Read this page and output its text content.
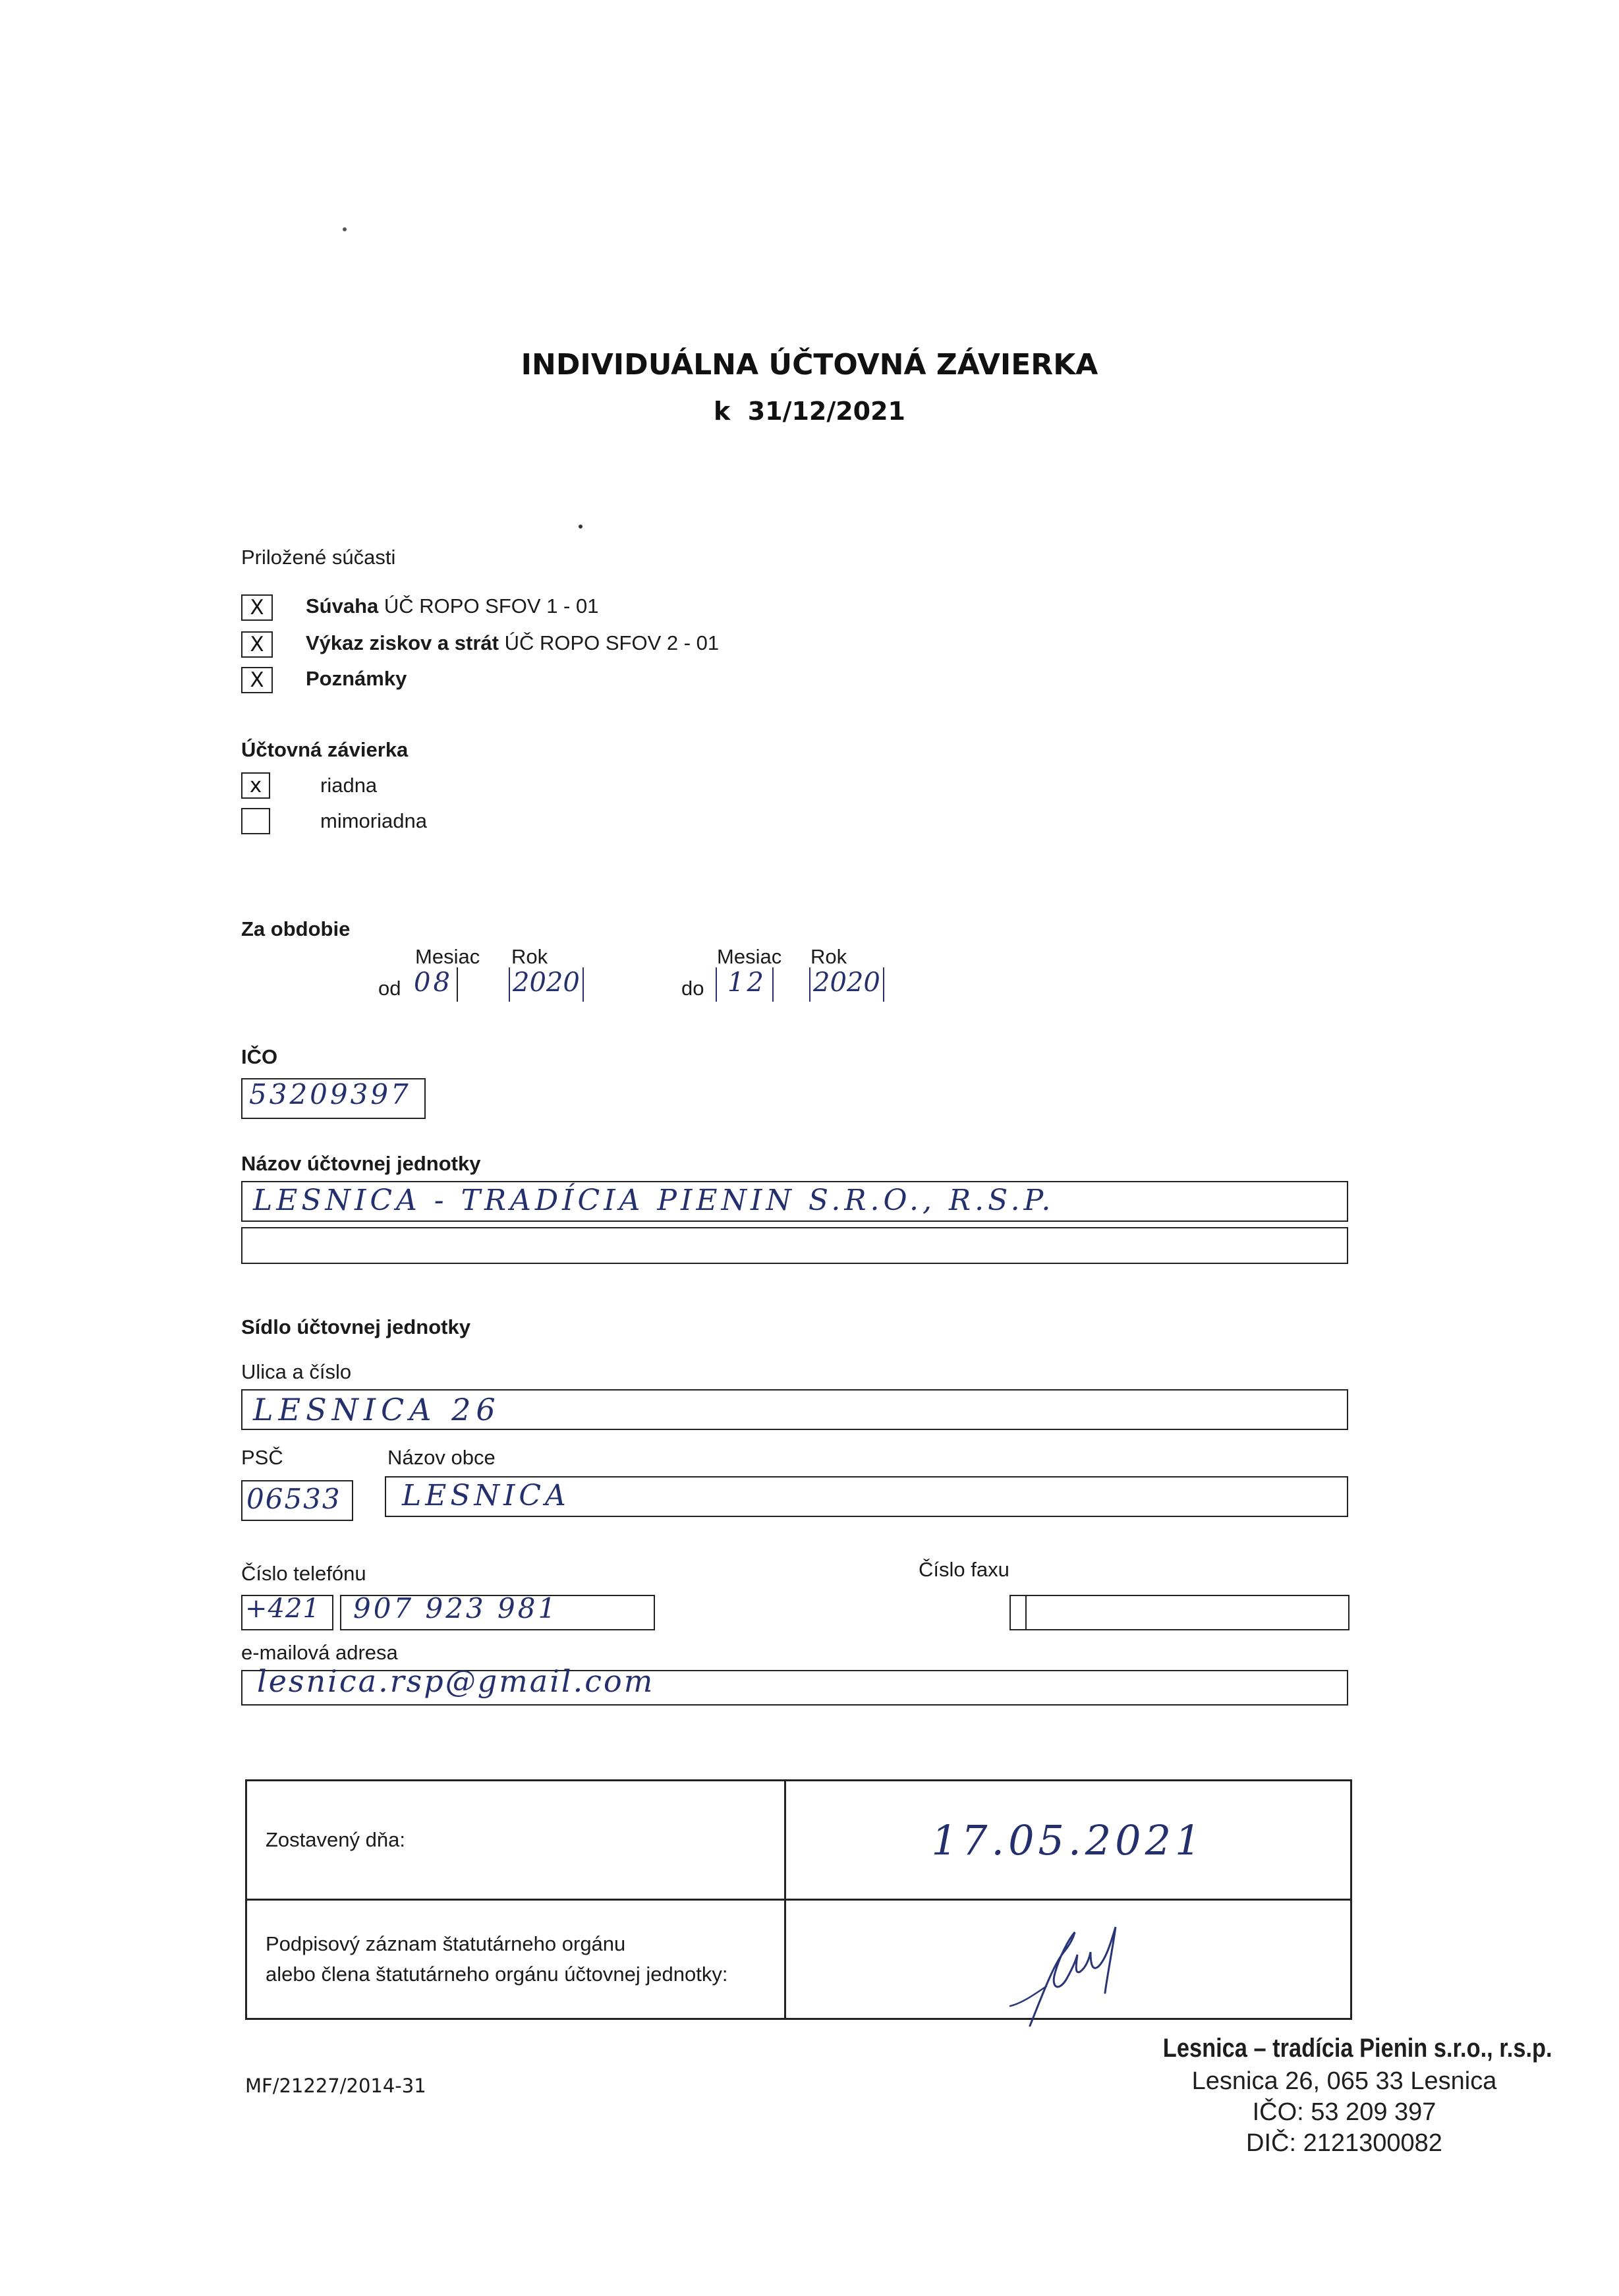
INDIVIDUÁLNA ÚČTOVNÁ ZÁVIERKA
k  31/12/2021
Priložené súčasti
X	Súvaha ÚČ ROPO SFOV 1 - 01
X	Výkaz ziskov a strát ÚČ ROPO SFOV 2 - 01
X	Poznámky
Účtovná závierka
x	riadna
mimoriadna
Za obdobie
Mesiac Rok	Mesiac Rok
od 08 2020	do 12 2020
IČO
53209397
Názov účtovnej jednotky
LESNICA - TRADÍCIA PIENIN S.R.O., R.S.P.
Sídlo účtovnej jednotky
Ulica a číslo
LESNICA 26
PSČ	Názov obce
06533 LESNICA
Číslo telefónu	Číslo faxu
+421 907 923 981
e-mailová adresa
lesnica.rsp@gmail.com
Zostavený dňa:	17.05.2021

Podpisový záznam štatutárneho orgánu
alebo člena štatutárneho orgánu účtovnej jednotky:

MF/21227/2014-31
Lesnica – tradícia Pienin s.r.o., r.s.p.
Lesnica 26, 065 33 Lesnica
IČO: 53 209 397
DIČ: 2121300082
